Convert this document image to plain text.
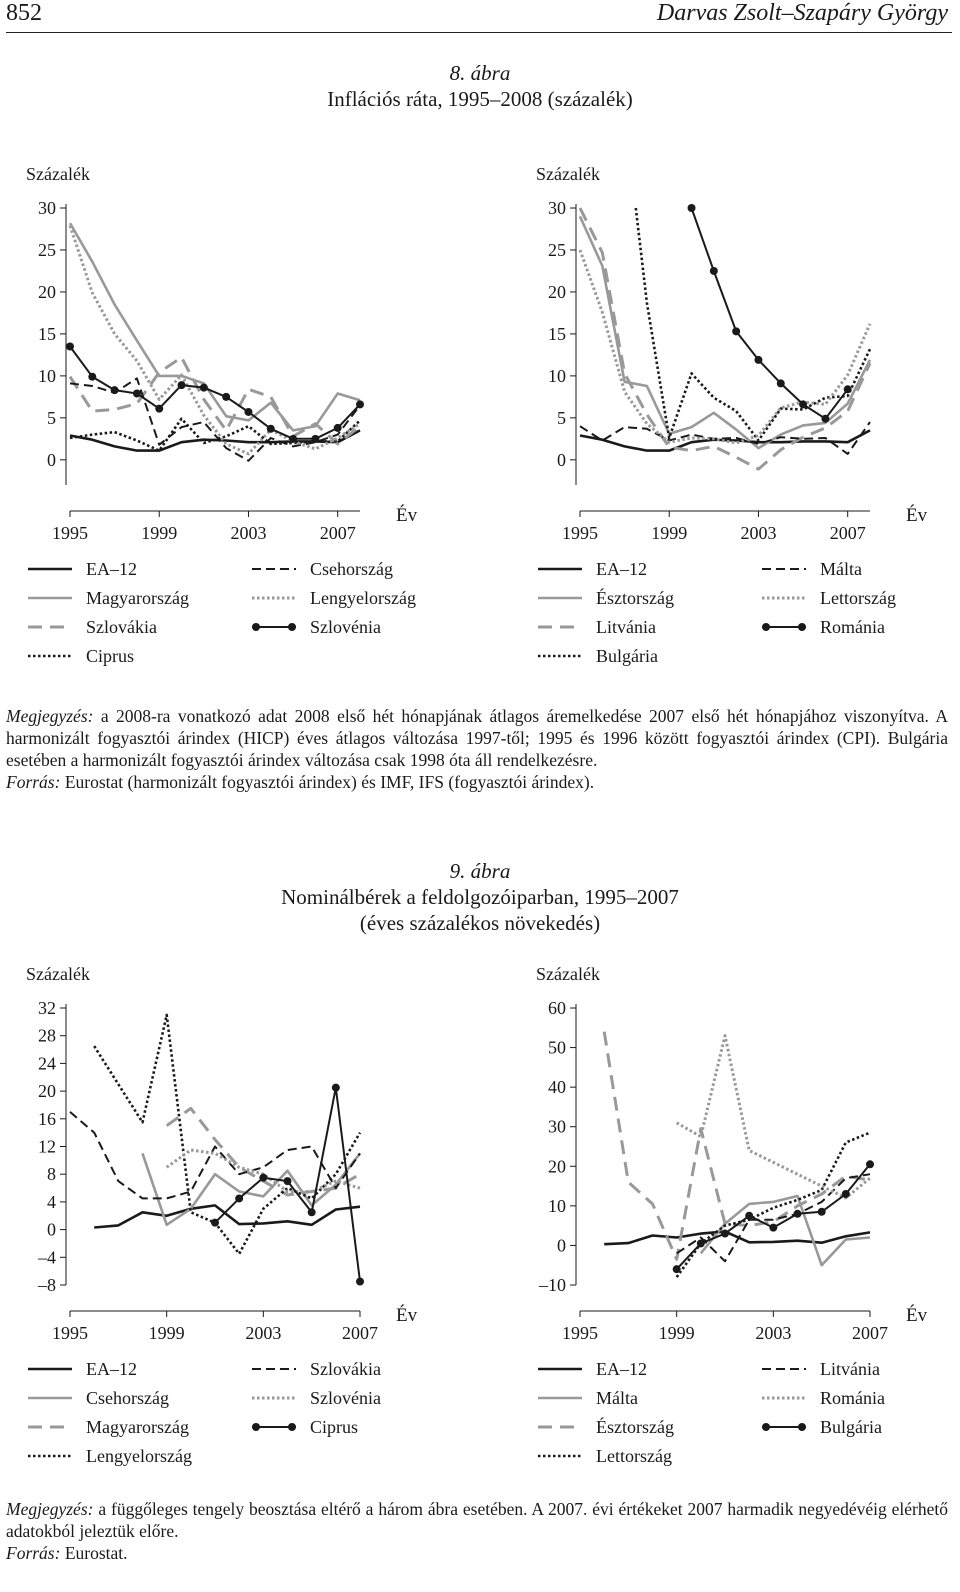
852	Darvas Zsolt–Szapáry György
8. ábra
Inflációs ráta, 1995–2008 (százalék)
Százalék
0
5
10
15
20
25
30
1995	1999	2003	2007
Év
EA–12	Csehország
Magyarország	Lengyelország
Szlovákia	Szlovénia
Ciprus
Százalék
0
5
10
15
20
25
30
1995	1999	2003	2007
Év
EA–12	Málta
Észtország	Lettország
Litvánia	Románia
Bulgária
Megjegyzés: a 2008-ra vonatkozó adat 2008 első hét hónapjának átlagos áremelkedése 2007 első hét hónapjához viszonyítva. A harmonizált fogyasztói árindex (HICP) éves átlagos változása 1997-től; 1995 és 1996 között fogyasztói árindex (CPI). Bulgária esetében a harmonizált fogyasztói árindex változása csak 1998 óta áll rendelkezésre.
Forrás: Eurostat (harmonizált fogyasztói árindex) és IMF, IFS (fogyasztói árindex).
9. ábra
Nominálbérek a feldolgozóiparban, 1995–2007
(éves százalékos növekedés)
Százalék
32
28
24
20
16
12
8
4
0
–4
–8
1995	1999	2003	2007
Év
EA–12	Szlovákia
Csehország	Szlovénia
Magyarország	Ciprus
Lengyelország
Százalék
60
50
40
30
20
10
0
–10
1995	1999	2003	2007
Év
EA–12	Litvánia
Málta	Románia
Észtország	Bulgária
Lettország
Megjegyzés: a függőleges tengely beosztása eltérő a három ábra esetében. A 2007. évi értékeket 2007 harmadik negyedévéig elérhető adatokból jeleztük előre.
Forrás: Eurostat.
